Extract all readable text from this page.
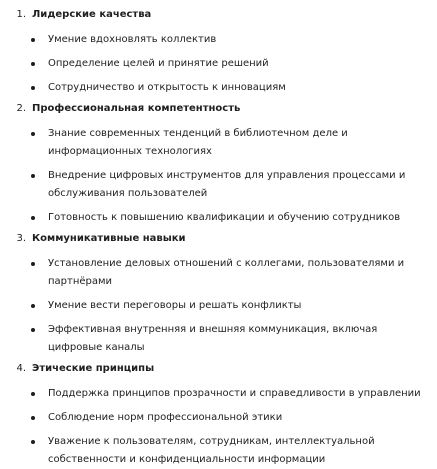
1. Лидерские качества
Умение вдохновлять коллектив
Определение целей и принятие решений
Сотрудничество и открытость к инновациям
2. Профессиональная компетентность
Знание современных тенденций в библиотечном деле и информационных технологиях
Внедрение цифровых инструментов для управления процессами и обслуживания пользователей
Готовность к повышению квалификации и обучению сотрудников
3. Коммуникативные навыки
Установление деловых отношений с коллегами, пользователями и партнёрами
Умение вести переговоры и решать конфликты
Эффективная внутренняя и внешняя коммуникация, включая цифровые каналы
4. Этические принципы
Поддержка принципов прозрачности и справедливости в управлении
Соблюдение норм профессиональной этики
Уважение к пользователям, сотрудникам, интеллектуальной собственности и конфиденциальности информации
